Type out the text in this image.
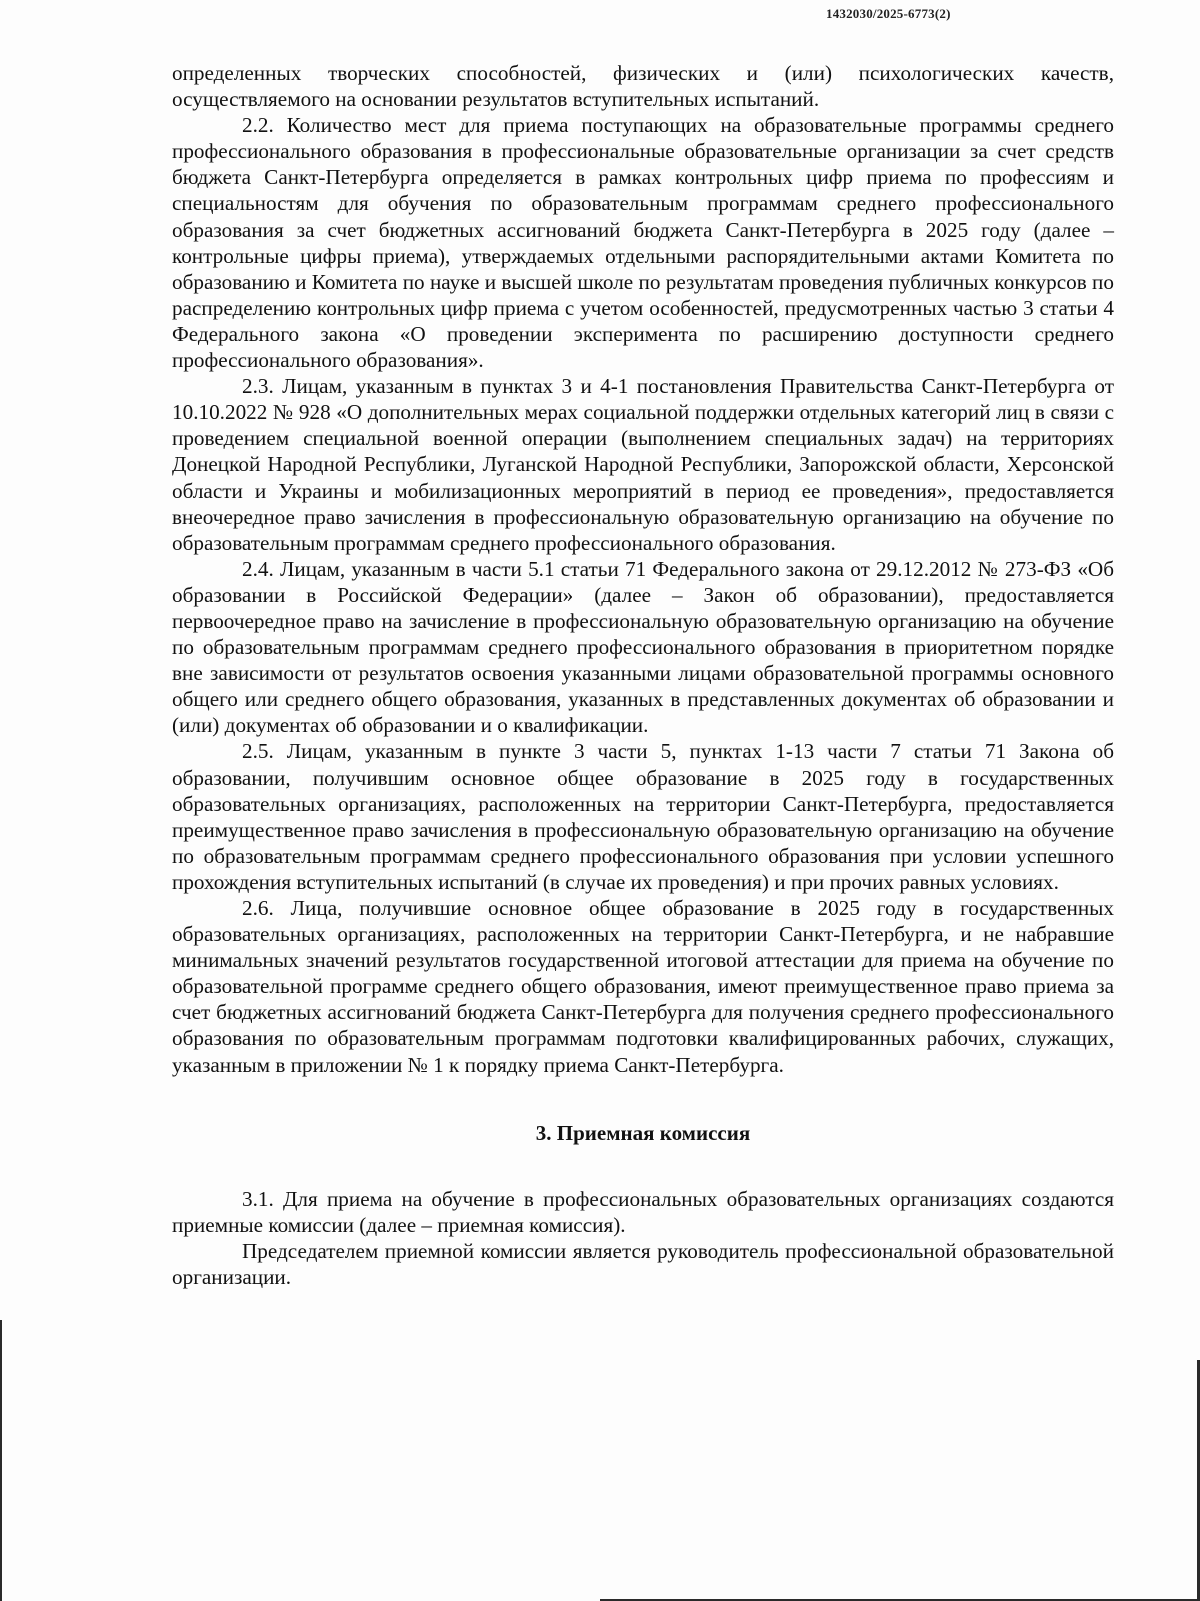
1432030/2025-6773(2)

определенных творческих способностей, физических и (или) психологических качеств, осуществляемого на основании результатов вступительных испытаний.

2.2. Количество мест для приема поступающих на образовательные программы среднего профессионального образования в профессиональные образовательные организации за счет средств бюджета Санкт-Петербурга определяется в рамках контрольных цифр приема по профессиям и специальностям для обучения по образовательным программам среднего профессионального образования за счет бюджетных ассигнований бюджета Санкт-Петербурга в 2025 году (далее – контрольные цифры приема), утверждаемых отдельными распорядительными актами Комитета по образованию и Комитета по науке и высшей школе по результатам проведения публичных конкурсов по распределению контрольных цифр приема с учетом особенностей, предусмотренных частью 3 статьи 4 Федерального закона «О проведении эксперимента по расширению доступности среднего профессионального образования».

2.3. Лицам, указанным в пунктах 3 и 4-1 постановления Правительства Санкт-Петербурга от 10.10.2022 № 928 «О дополнительных мерах социальной поддержки отдельных категорий лиц в связи с проведением специальной военной операции (выполнением специальных задач) на территориях Донецкой Народной Республики, Луганской Народной Республики, Запорожской области, Херсонской области и Украины и мобилизационных мероприятий в период ее проведения», предоставляется внеочередное право зачисления в профессиональную образовательную организацию на обучение по образовательным программам среднего профессионального образования.

2.4. Лицам, указанным в части 5.1 статьи 71 Федерального закона от 29.12.2012 № 273-ФЗ «Об образовании в Российской Федерации» (далее – Закон об образовании), предоставляется первоочередное право на зачисление в профессиональную образовательную организацию на обучение по образовательным программам среднего профессионального образования в приоритетном порядке вне зависимости от результатов освоения указанными лицами образовательной программы основного общего или среднего общего образования, указанных в представленных документах об образовании и (или) документах об образовании и о квалификации.

2.5. Лицам, указанным в пункте 3 части 5, пунктах 1-13 части 7 статьи 71 Закона об образовании, получившим основное общее образование в 2025 году в государственных образовательных организациях, расположенных на территории Санкт-Петербурга, предоставляется преимущественное право зачисления в профессиональную образовательную организацию на обучение по образовательным программам среднего профессионального образования при условии успешного прохождения вступительных испытаний (в случае их проведения) и при прочих равных условиях.

2.6. Лица, получившие основное общее образование в 2025 году в государственных образовательных организациях, расположенных на территории Санкт-Петербурга, и не набравшие минимальных значений результатов государственной итоговой аттестации для приема на обучение по образовательной программе среднего общего образования, имеют преимущественное право приема за счет бюджетных ассигнований бюджета Санкт-Петербурга для получения среднего профессионального образования по образовательным программам подготовки квалифицированных рабочих, служащих, указанным в приложении № 1 к порядку приема Санкт-Петербурга.

3. Приемная комиссия

3.1. Для приема на обучение в профессиональных образовательных организациях создаются приемные комиссии (далее – приемная комиссия).

Председателем приемной комиссии является руководитель профессиональной образовательной организации.
